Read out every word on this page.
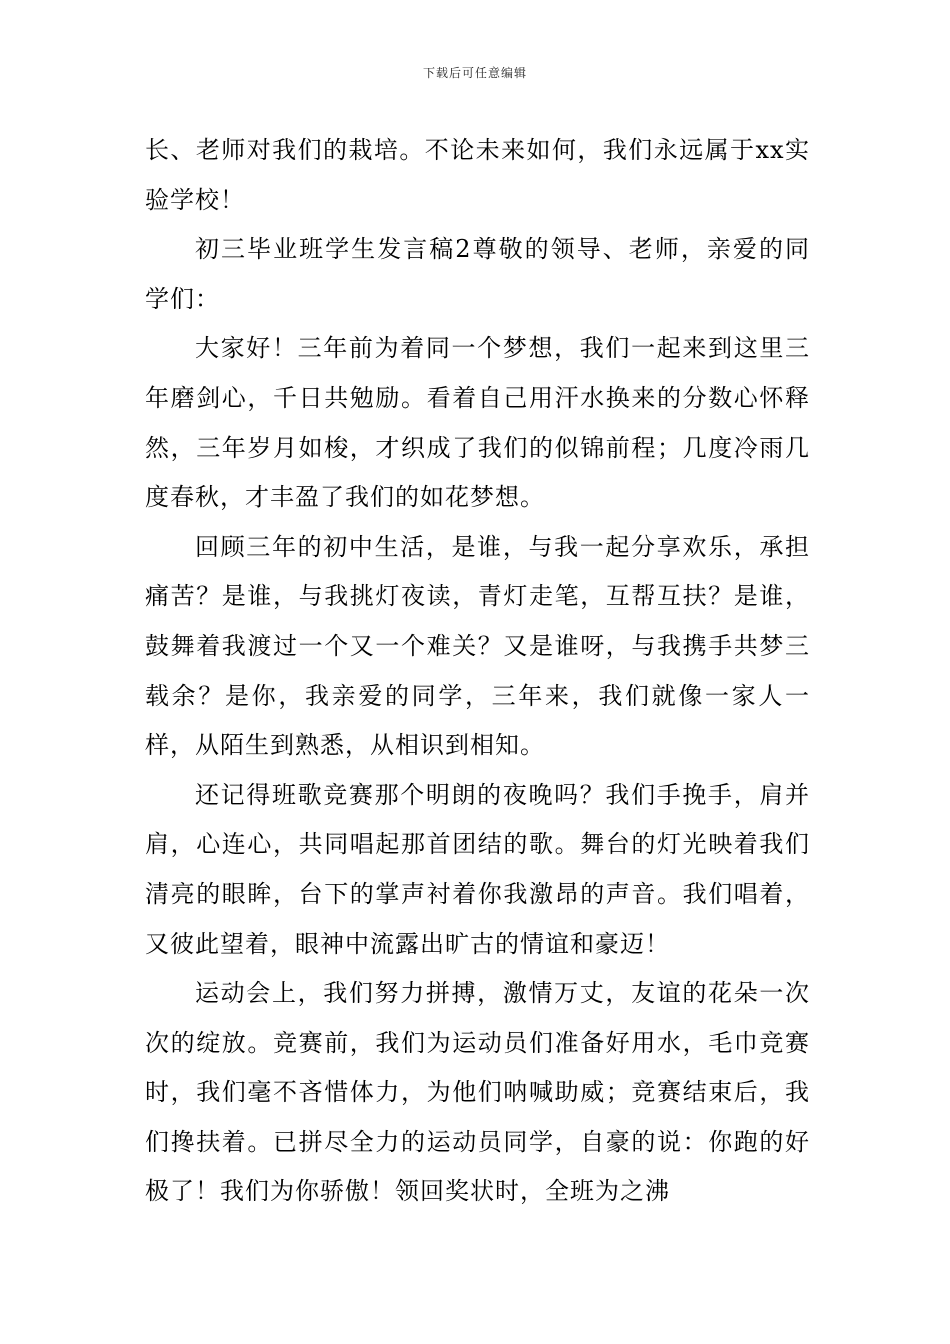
下载后可任意编辑

长、老师对我们的栽培。不论未来如何，我们永远属于xx实验学校！

初三毕业班学生发言稿2尊敬的领导、老师，亲爱的同学们：

大家好！三年前为着同一个梦想，我们一起来到这里三年磨剑心，千日共勉励。看着自己用汗水换来的分数心怀释然，三年岁月如梭，才织成了我们的似锦前程；几度冷雨几度春秋，才丰盈了我们的如花梦想。

回顾三年的初中生活，是谁，与我一起分享欢乐，承担痛苦？是谁，与我挑灯夜读，青灯走笔，互帮互扶？是谁，鼓舞着我渡过一个又一个难关？又是谁呀，与我携手共梦三载余？是你，我亲爱的同学，三年来，我们就像一家人一样，从陌生到熟悉，从相识到相知。

还记得班歌竞赛那个明朗的夜晚吗？我们手挽手，肩并肩，心连心，共同唱起那首团结的歌。舞台的灯光映着我们清亮的眼眸，台下的掌声衬着你我激昂的声音。我们唱着，又彼此望着，眼神中流露出旷古的情谊和豪迈！

运动会上，我们努力拼搏，激情万丈，友谊的花朵一次次的绽放。竞赛前，我们为运动员们准备好用水，毛巾竞赛时，我们毫不吝惜体力，为他们呐喊助威；竞赛结束后，我们搀扶着。已拼尽全力的运动员同学，自豪的说：你跑的好极了！我们为你骄傲！领回奖状时，全班为之沸
